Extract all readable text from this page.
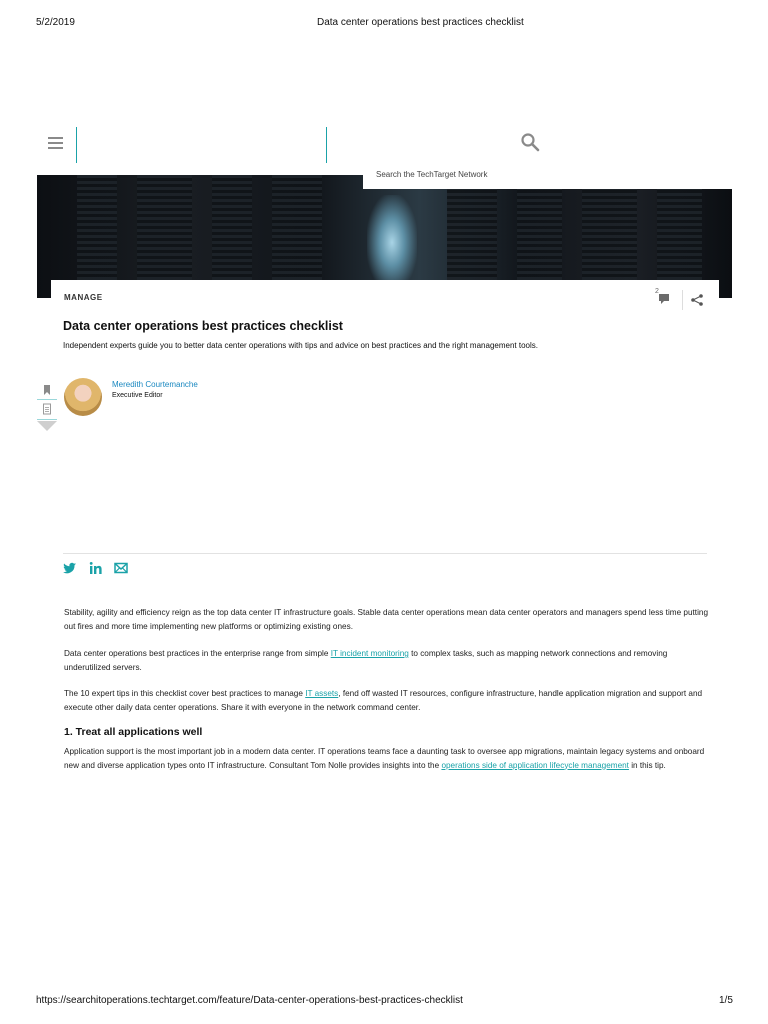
5/2/2019	Data center operations best practices checklist
Search the TechTarget Network
MANAGE
2
Data center operations best practices checklist
Independent experts guide you to better data center operations with tips and advice on best practices and the right management tools.
Meredith Courtemanche
Executive Editor

Stability, agility and efficiency reign as the top data center IT infrastructure goals. Stable data center operations mean data center operators and managers spend less time putting out fires and more time implementing new platforms or optimizing existing ones.

Data center operations best practices in the enterprise range from simple IT incident monitoring to complex tasks, such as mapping network connections and removing underutilized servers.

The 10 expert tips in this checklist cover best practices to manage IT assets, fend off wasted IT resources, configure infrastructure, handle application migration and support and execute other daily data center operations. Share it with everyone in the network command center.

1. Treat all applications well

Application support is the most important job in a modern data center. IT operations teams face a daunting task to oversee app migrations, maintain legacy systems and onboard new and diverse application types onto IT infrastructure. Consultant Tom Nolle provides insights into the operations side of application lifecycle management in this tip.

https://searchitoperations.techtarget.com/feature/Data-center-operations-best-practices-checklist	1/5
